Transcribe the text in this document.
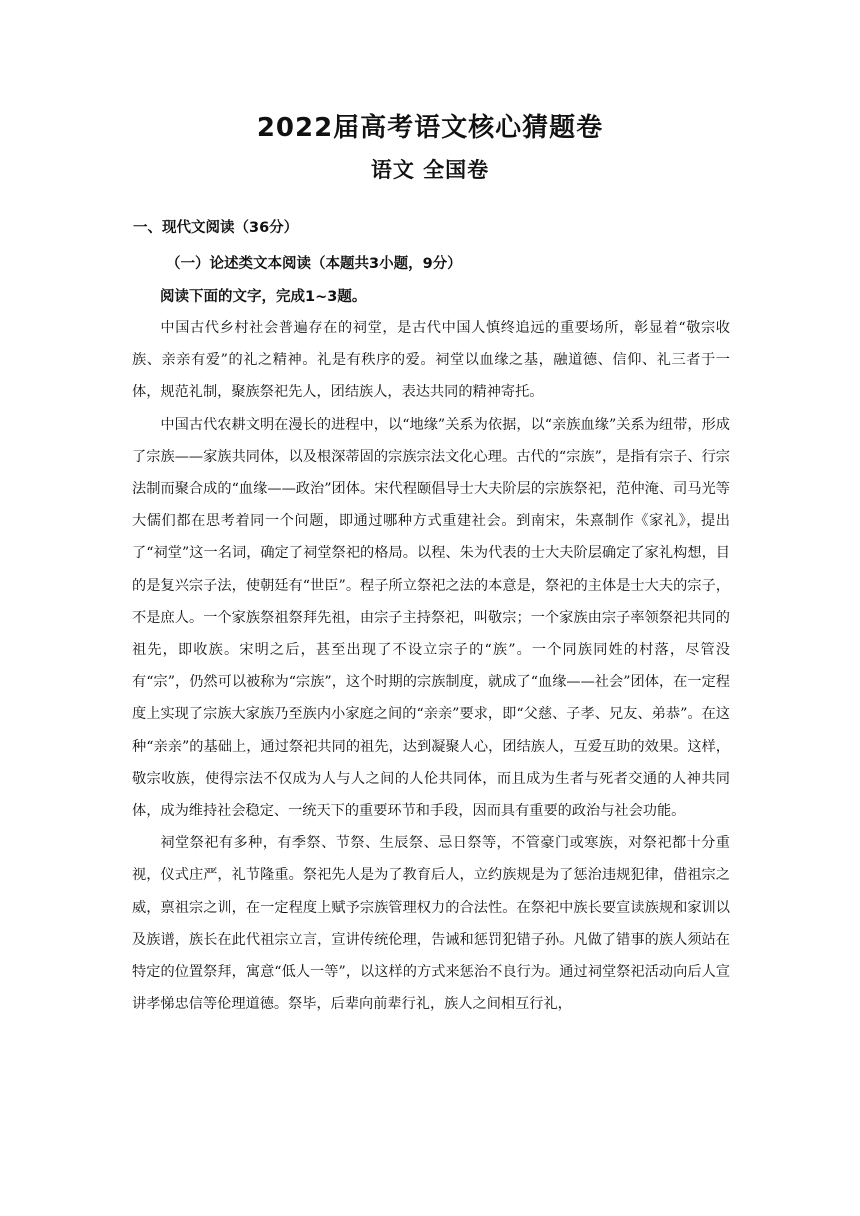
2022届高考语文核心猜题卷
语文 全国卷
一、现代文阅读（36分）
（一）论述类文本阅读（本题共3小题，9分）
阅读下面的文字，完成1~3题。

中国古代乡村社会普遍存在的祠堂，是古代中国人慎终追远的重要场所，彰显着“敬宗收族、亲亲有爱”的礼之精神。礼是有秩序的爱。祠堂以血缘之基，融道德、信仰、礼三者于一体，规范礼制，聚族祭祀先人，团结族人，表达共同的精神寄托。

中国古代农耕文明在漫长的进程中，以“地缘”关系为依据，以“亲族血缘”关系为纽带，形成了宗族——家族共同体，以及根深蒂固的宗族宗法文化心理。古代的“宗族”，是指有宗子、行宗法制而聚合成的“血缘——政治”团体。宋代程颐倡导士大夫阶层的宗族祭祀，范仲淹、司马光等大儒们都在思考着同一个问题，即通过哪种方式重建社会。到南宋，朱熹制作《家礼》，提出了“祠堂”这一名词，确定了祠堂祭祀的格局。以程、朱为代表的士大夫阶层确定了家礼构想，目的是复兴宗子法，使朝廷有“世臣”。程子所立祭祀之法的本意是，祭祀的主体是士大夫的宗子，不是庶人。一个家族祭祖祭拜先祖，由宗子主持祭祀，叫敬宗；一个家族由宗子率领祭祀共同的祖先，即收族。宋明之后，甚至出现了不设立宗子的“族”。一个同族同姓的村落，尽管没有“宗”，仍然可以被称为“宗族”，这个时期的宗族制度，就成了“血缘——社会”团体，在一定程度上实现了宗族大家族乃至族内小家庭之间的“亲亲”要求，即“父慈、子孝、兄友、弟恭”。在这种“亲亲”的基础上，通过祭祀共同的祖先，达到凝聚人心，团结族人，互爱互助的效果。这样，敬宗收族，使得宗法不仅成为人与人之间的人伦共同体，而且成为生者与死者交通的人神共同体，成为维持社会稳定、一统天下的重要环节和手段，因而具有重要的政治与社会功能。

祠堂祭祀有多种，有季祭、节祭、生辰祭、忌日祭等，不管豪门或寒族，对祭祀都十分重视，仪式庄严，礼节隆重。祭祀先人是为了教育后人，立约族规是为了惩治违规犯律，借祖宗之威，禀祖宗之训，在一定程度上赋予宗族管理权力的合法性。在祭祀中族长要宣读族规和家训以及族谱，族长在此代祖宗立言，宣讲传统伦理，告诫和惩罚犯错子孙。凡做了错事的族人须站在特定的位置祭拜，寓意“低人一等”，以这样的方式来惩治不良行为。通过祠堂祭祀活动向后人宣讲孝悌忠信等伦理道德。祭毕，后辈向前辈行礼，族人之间相互行礼，
